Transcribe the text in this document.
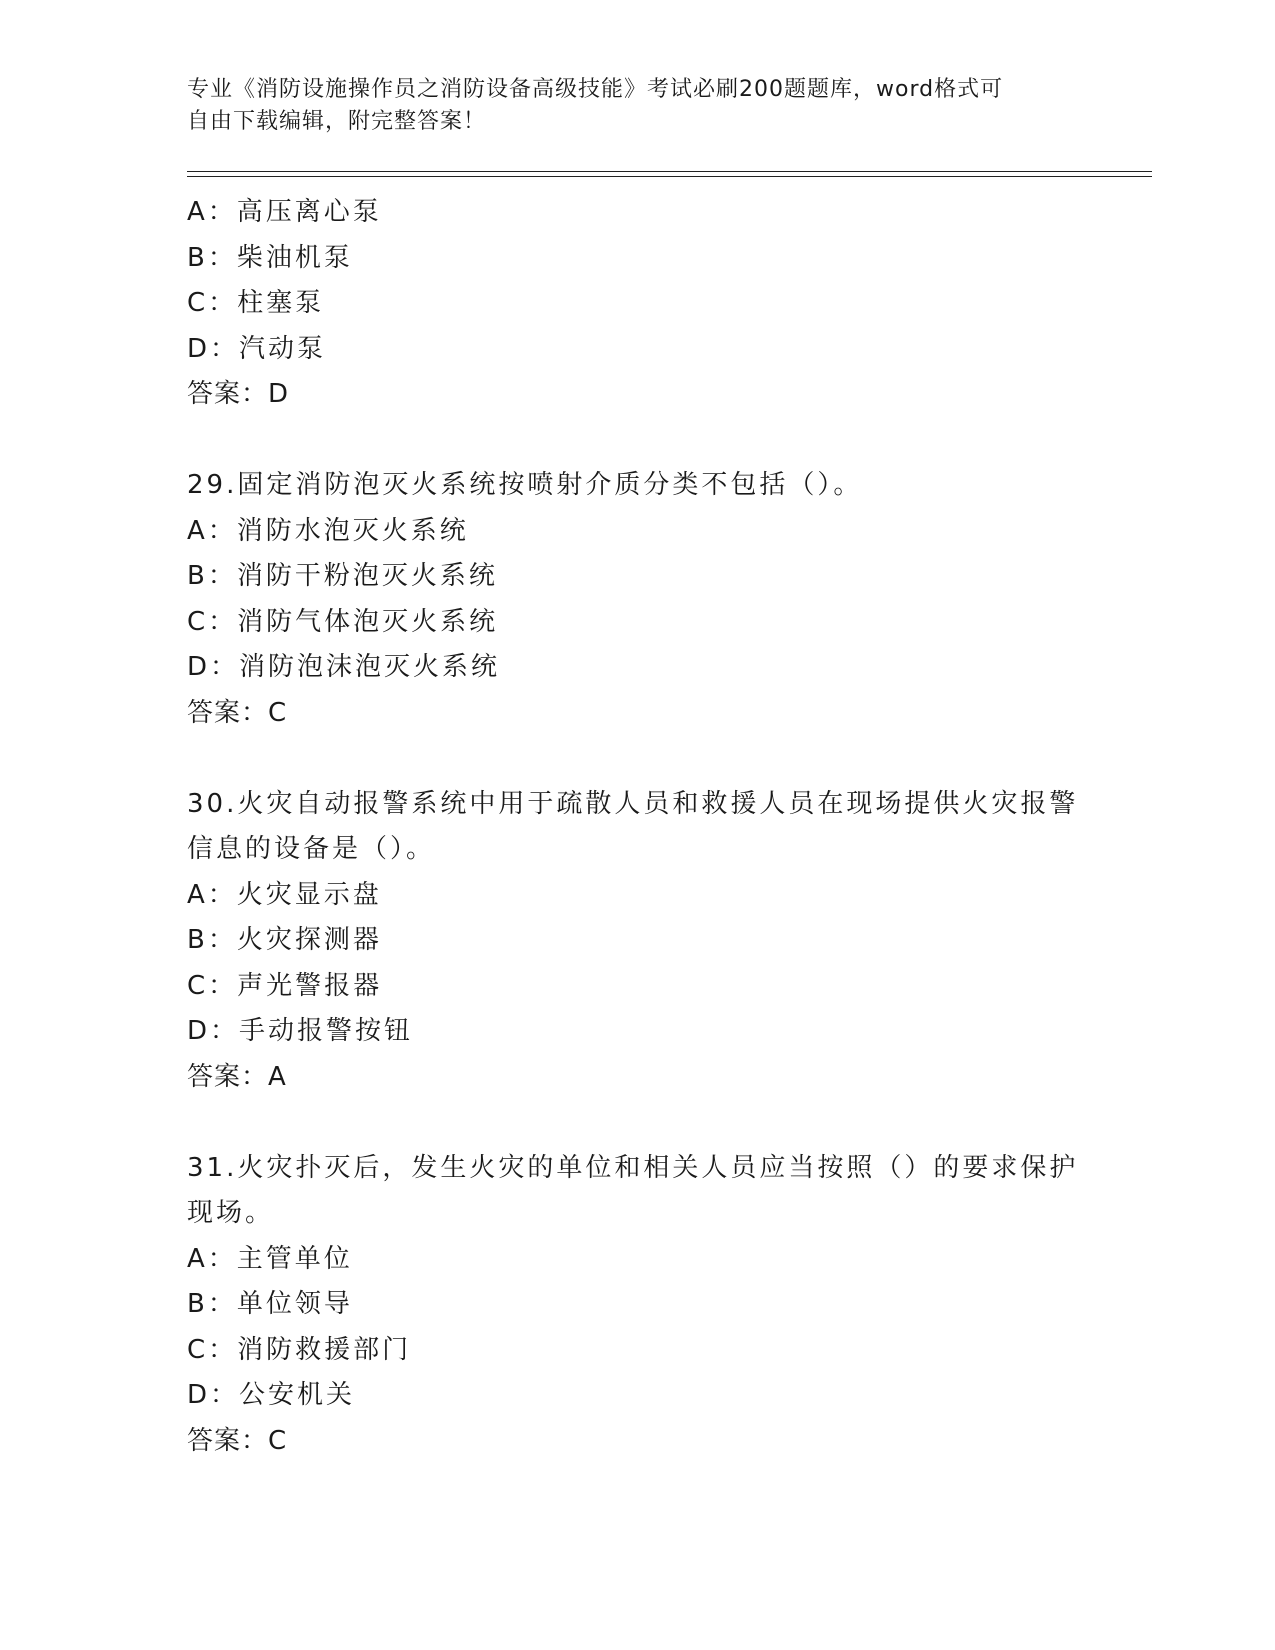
专业《消防设施操作员之消防设备高级技能》考试必刷200题题库，word格式可
自由下载编辑，附完整答案！
A：高压离心泵
B：柴油机泵
C：柱塞泵
D：汽动泵
答案：D
29.固定消防泡灭火系统按喷射介质分类不包括（）。
A：消防水泡灭火系统
B：消防干粉泡灭火系统
C：消防气体泡灭火系统
D：消防泡沫泡灭火系统
答案：C
30.火灾自动报警系统中用于疏散人员和救援人员在现场提供火灾报警
信息的设备是（）。
A：火灾显示盘
B：火灾探测器
C：声光警报器
D：手动报警按钮
答案：A
31.火灾扑灭后，发生火灾的单位和相关人员应当按照（）的要求保护
现场。
A：主管单位
B：单位领导
C：消防救援部门
D：公安机关
答案：C
